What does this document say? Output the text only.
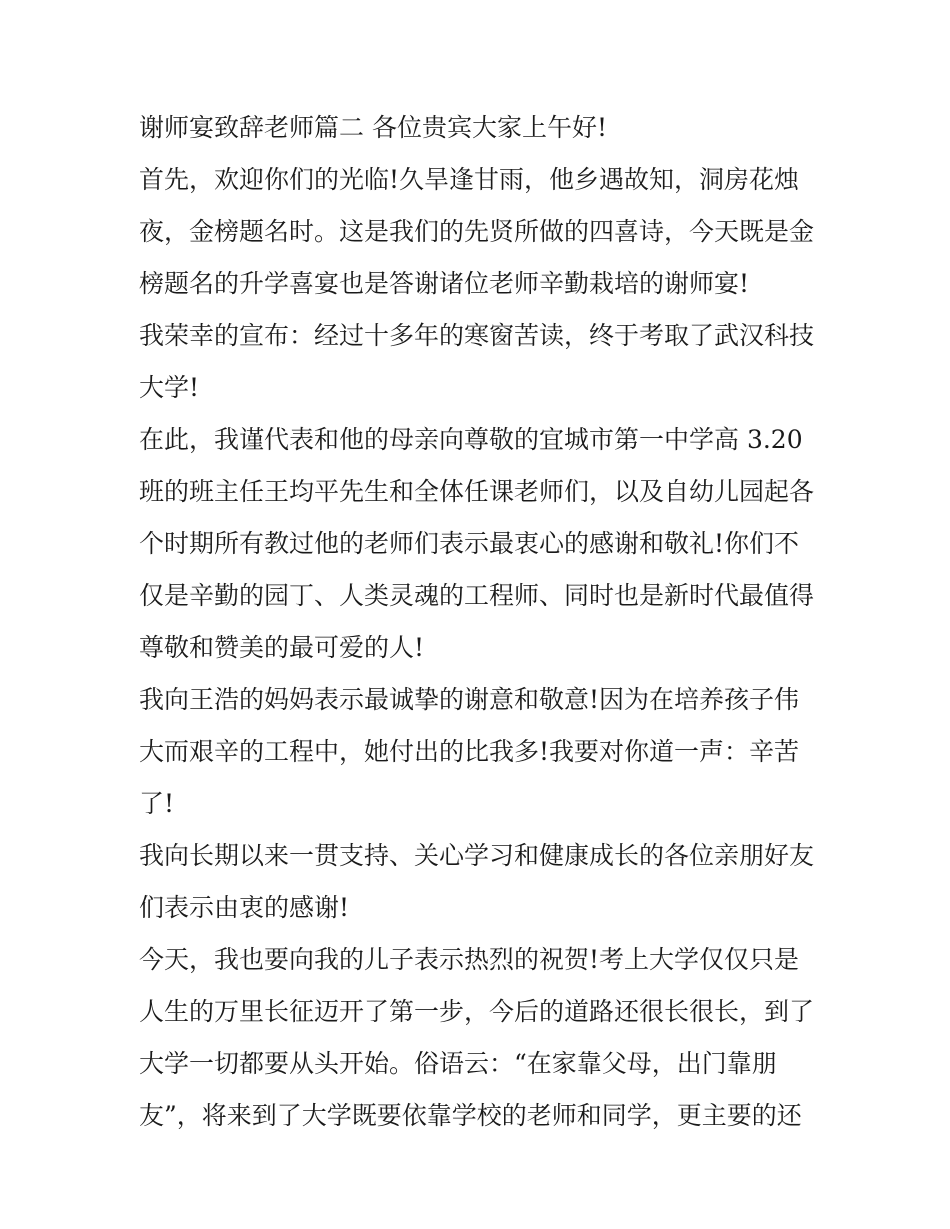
谢师宴致辞老师篇二 各位贵宾大家上午好!
首先，欢迎你们的光临!久旱逢甘雨，他乡遇故知，洞房花烛
夜，金榜题名时。这是我们的先贤所做的四喜诗，今天既是金
榜题名的升学喜宴也是答谢诸位老师辛勤栽培的谢师宴!
我荣幸的宣布：经过十多年的寒窗苦读，终于考取了武汉科技
大学!
在此，我谨代表和他的母亲向尊敬的宜城市第一中学高 3.20
班的班主任王均平先生和全体任课老师们，以及自幼儿园起各
个时期所有教过他的老师们表示最衷心的感谢和敬礼!你们不
仅是辛勤的园丁、人类灵魂的工程师、同时也是新时代最值得
尊敬和赞美的最可爱的人!
我向王浩的妈妈表示最诚挚的谢意和敬意!因为在培养孩子伟
大而艰辛的工程中，她付出的比我多!我要对你道一声：辛苦
了!
我向长期以来一贯支持、关心学习和健康成长的各位亲朋好友
们表示由衷的感谢!
今天，我也要向我的儿子表示热烈的祝贺!考上大学仅仅只是
人生的万里长征迈开了第一步，今后的道路还很长很长，到了
大学一切都要从头开始。俗语云：“在家靠父母，出门靠朋
友”，将来到了大学既要依靠学校的老师和同学，更主要的还
